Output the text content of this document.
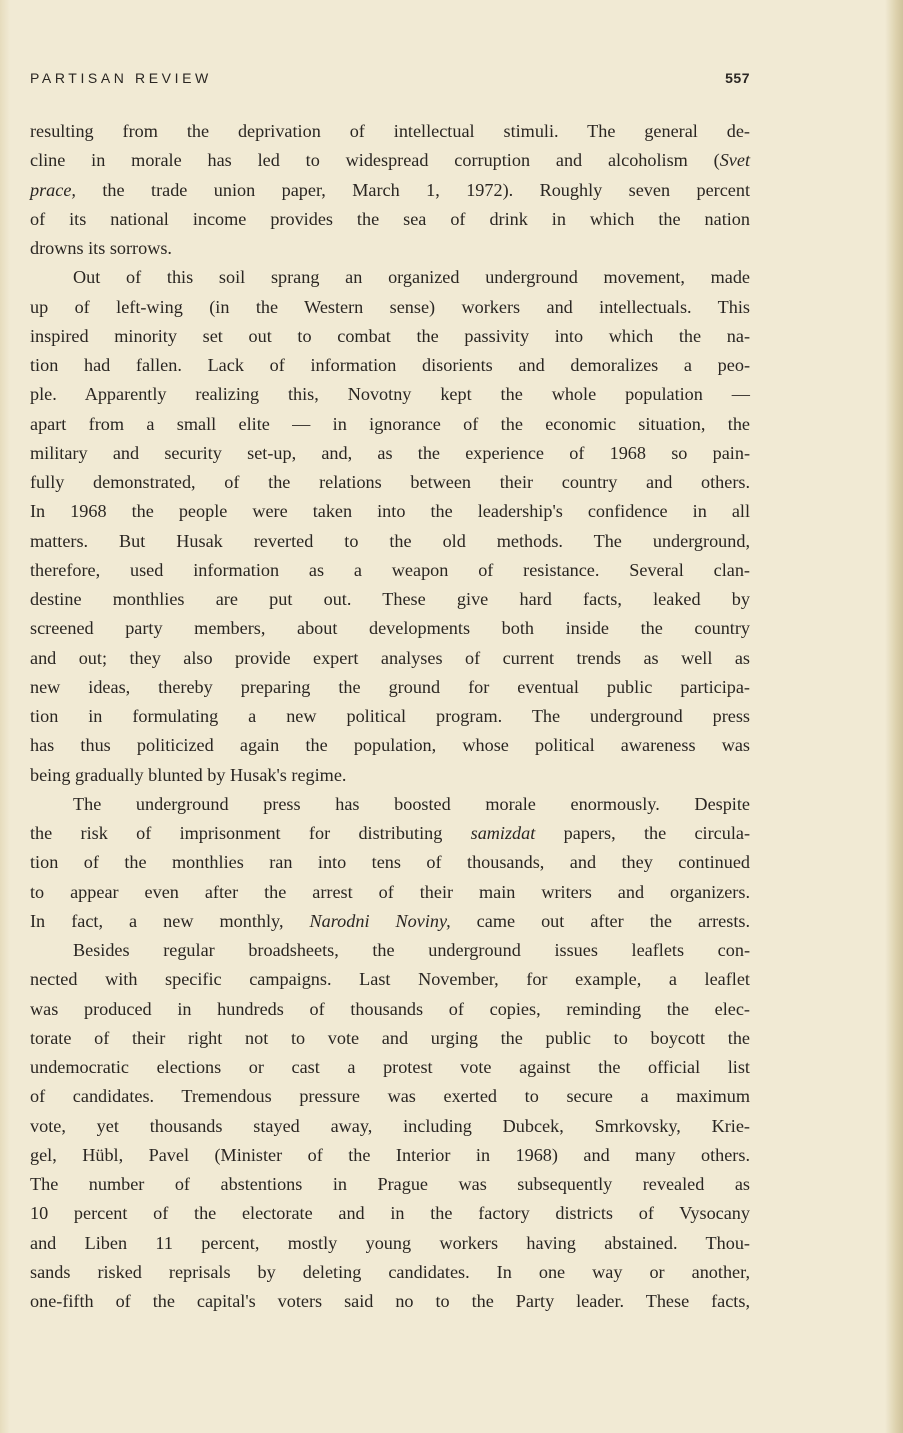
PARTISAN REVIEW	557
resulting from the deprivation of intellectual stimuli. The general de-
cline in morale has led to widespread corruption and alcoholism (Svet
prace, the trade union paper, March 1, 1972). Roughly seven percent
of its national income provides the sea of drink in which the nation
drowns its sorrows.
Out of this soil sprang an organized underground movement, made
up of left-wing (in the Western sense) workers and intellectuals. This
inspired minority set out to combat the passivity into which the na-
tion had fallen. Lack of information disorients and demoralizes a peo-
ple. Apparently realizing this, Novotny kept the whole population —
apart from a small elite — in ignorance of the economic situation, the
military and security set-up, and, as the experience of 1968 so pain-
fully demonstrated, of the relations between their country and others.
In 1968 the people were taken into the leadership's confidence in all
matters. But Husak reverted to the old methods. The underground,
therefore, used information as a weapon of resistance. Several clan-
destine monthlies are put out. These give hard facts, leaked by
screened party members, about developments both inside the country
and out; they also provide expert analyses of current trends as well as
new ideas, thereby preparing the ground for eventual public participa-
tion in formulating a new political program. The underground press
has thus politicized again the population, whose political awareness was
being gradually blunted by Husak's regime.
The underground press has boosted morale enormously. Despite
the risk of imprisonment for distributing samizdat papers, the circula-
tion of the monthlies ran into tens of thousands, and they continued
to appear even after the arrest of their main writers and organizers.
In fact, a new monthly, Narodni Noviny, came out after the arrests.
Besides regular broadsheets, the underground issues leaflets con-
nected with specific campaigns. Last November, for example, a leaflet
was produced in hundreds of thousands of copies, reminding the elec-
torate of their right not to vote and urging the public to boycott the
undemocratic elections or cast a protest vote against the official list
of candidates. Tremendous pressure was exerted to secure a maximum
vote, yet thousands stayed away, including Dubcek, Smrkovsky, Krie-
gel, Hübl, Pavel (Minister of the Interior in 1968) and many others.
The number of abstentions in Prague was subsequently revealed as
10 percent of the electorate and in the factory districts of Vysocany
and Liben 11 percent, mostly young workers having abstained. Thou-
sands risked reprisals by deleting candidates. In one way or another,
one-fifth of the capital's voters said no to the Party leader. These facts,
